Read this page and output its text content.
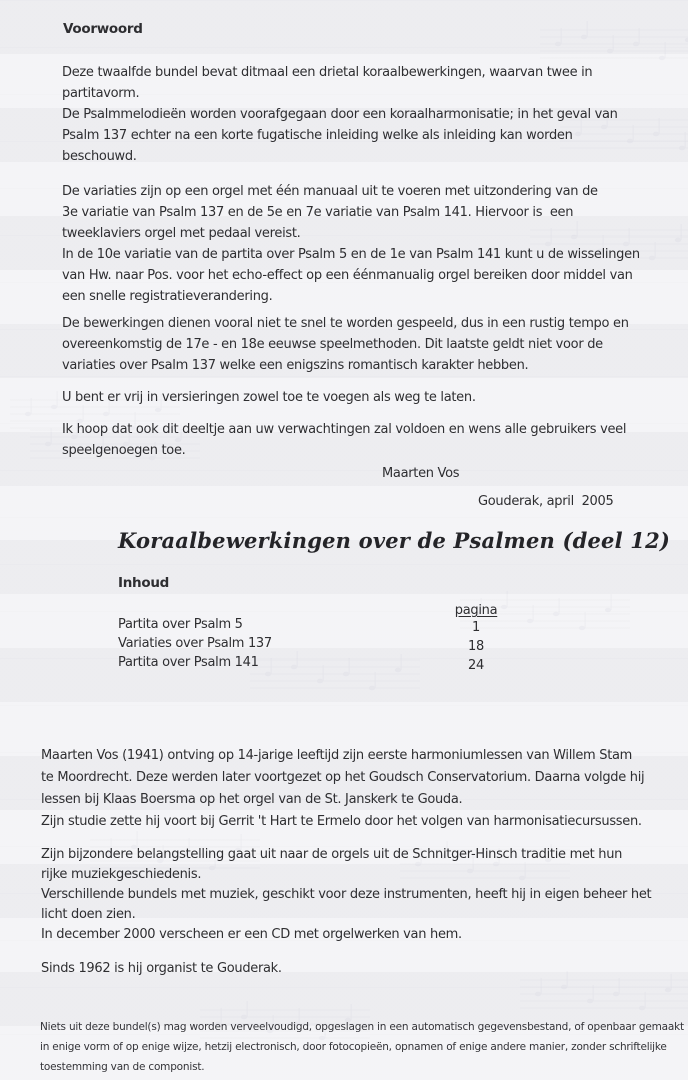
Voorwoord
Deze twaalfde bundel bevat ditmaal een drietal koraalbewerkingen, waarvan twee in
partitavorm.
De Psalmmelodieën worden voorafgegaan door een koraalharmonisatie; in het geval van
Psalm 137 echter na een korte fugatische inleiding welke als inleiding kan worden
beschouwd.
De variaties zijn op een orgel met één manuaal uit te voeren met uitzondering van de
3e variatie van Psalm 137 en de 5e en 7e variatie van Psalm 141. Hiervoor is  een
tweeklaviers orgel met pedaal vereist.
In de 10e variatie van de partita over Psalm 5 en de 1e van Psalm 141 kunt u de wisselingen
van Hw. naar Pos. voor het echo-effect op een éénmanualig orgel bereiken door middel van
een snelle registratieverandering.
De bewerkingen dienen vooral niet te snel te worden gespeeld, dus in een rustig tempo en
overeenkomstig de 17e - en 18e eeuwse speelmethoden. Dit laatste geldt niet voor de
variaties over Psalm 137 welke een enigszins romantisch karakter hebben.
U bent er vrij in versieringen zowel toe te voegen als weg te laten.
Ik hoop dat ook dit deeltje aan uw verwachtingen zal voldoen en wens alle gebruikers veel
speelgenoegen toe.
Maarten Vos
Gouderak, april  2005
Koraalbewerkingen over de Psalmen (deel 12)
Inhoud
pagina
Partita over Psalm 5	1
Variaties over Psalm 137	18
Partita over Psalm 141	24
Maarten Vos (1941) ontving op 14-jarige leeftijd zijn eerste harmoniumlessen van Willem Stam
te Moordrecht. Deze werden later voortgezet op het Goudsch Conservatorium. Daarna volgde hij
lessen bij Klaas Boersma op het orgel van de St. Janskerk te Gouda.
Zijn studie zette hij voort bij Gerrit 't Hart te Ermelo door het volgen van harmonisatiecursussen.
Zijn bijzondere belangstelling gaat uit naar de orgels uit de Schnitger-Hinsch traditie met hun
rijke muziekgeschiedenis.
Verschillende bundels met muziek, geschikt voor deze instrumenten, heeft hij in eigen beheer het
licht doen zien.
In december 2000 verscheen er een CD met orgelwerken van hem.
Sinds 1962 is hij organist te Gouderak.
Niets uit deze bundel(s) mag worden verveelvoudigd, opgeslagen in een automatisch gegevensbestand, of openbaar gemaakt
in enige vorm of op enige wijze, hetzij electronisch, door fotocopieën, opnamen of enige andere manier, zonder schriftelijke
toestemming van de componist.
